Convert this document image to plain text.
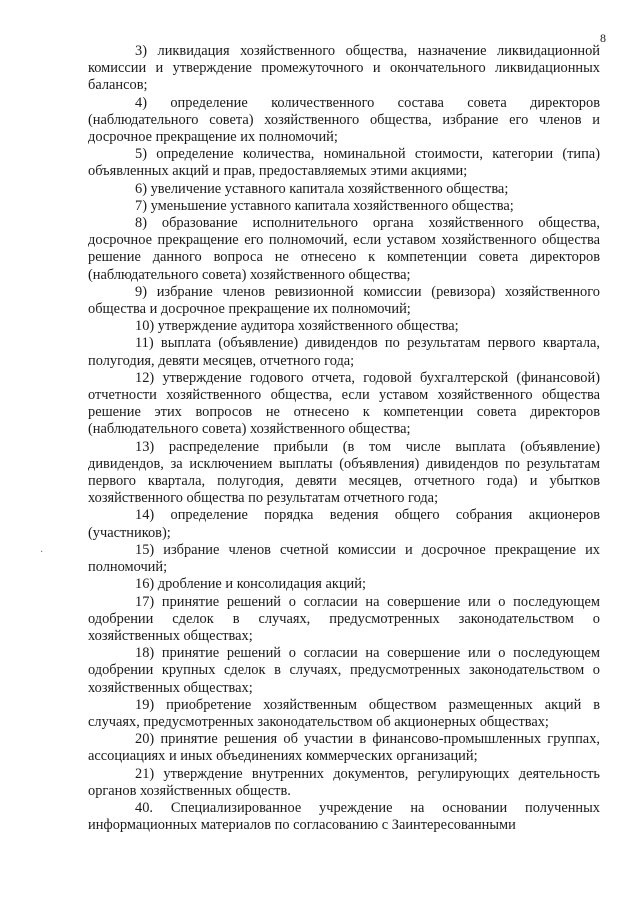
8
·

3) ликвидация хозяйственного общества, назначение ликвидационной комиссии и утверждение промежуточного и окончательного ликвидационных балансов;

4) определение количественного состава совета директоров (наблюдательного совета) хозяйственного общества, избрание его членов и досрочное прекращение их полномочий;

5) определение количества, номинальной стоимости, категории (типа) объявленных акций и прав, предоставляемых этими акциями;

6) увеличение уставного капитала хозяйственного общества;

7) уменьшение уставного капитала хозяйственного общества;

8) образование исполнительного органа хозяйственного общества, досрочное прекращение его полномочий, если уставом хозяйственного общества решение данного вопроса не отнесено к компетенции совета директоров (наблюдательного совета) хозяйственного общества;

9) избрание членов ревизионной комиссии (ревизора) хозяйственного общества и досрочное прекращение их полномочий;

10) утверждение аудитора хозяйственного общества;

11) выплата (объявление) дивидендов по результатам первого квартала, полугодия, девяти месяцев, отчетного года;

12) утверждение годового отчета, годовой бухгалтерской (финансовой) отчетности хозяйственного общества, если уставом хозяйственного общества решение этих вопросов не отнесено к компетенции совета директоров (наблюдательного совета) хозяйственного общества;

13) распределение прибыли (в том числе выплата (объявление) дивидендов, за исключением выплаты (объявления) дивидендов по результатам первого квартала, полугодия, девяти месяцев, отчетного года) и убытков хозяйственного общества по результатам отчетного года;

14) определение порядка ведения общего собрания акционеров (участников);

15) избрание членов счетной комиссии и досрочное прекращение их полномочий;

16) дробление и консолидация акций;

17) принятие решений о согласии на совершение или о последующем одобрении сделок в случаях, предусмотренных законодательством о хозяйственных обществах;

18) принятие решений о согласии на совершение или о последующем одобрении крупных сделок в случаях, предусмотренных законодательством о хозяйственных обществах;

19) приобретение хозяйственным обществом размещенных акций в случаях, предусмотренных законодательством об акционерных обществах;

20) принятие решения об участии в финансово-промышленных группах, ассоциациях и иных объединениях коммерческих организаций;

21) утверждение внутренних документов, регулирующих деятельность органов хозяйственных обществ.

40. Специализированное учреждение на основании полученных информационных материалов по согласованию с Заинтересованными
